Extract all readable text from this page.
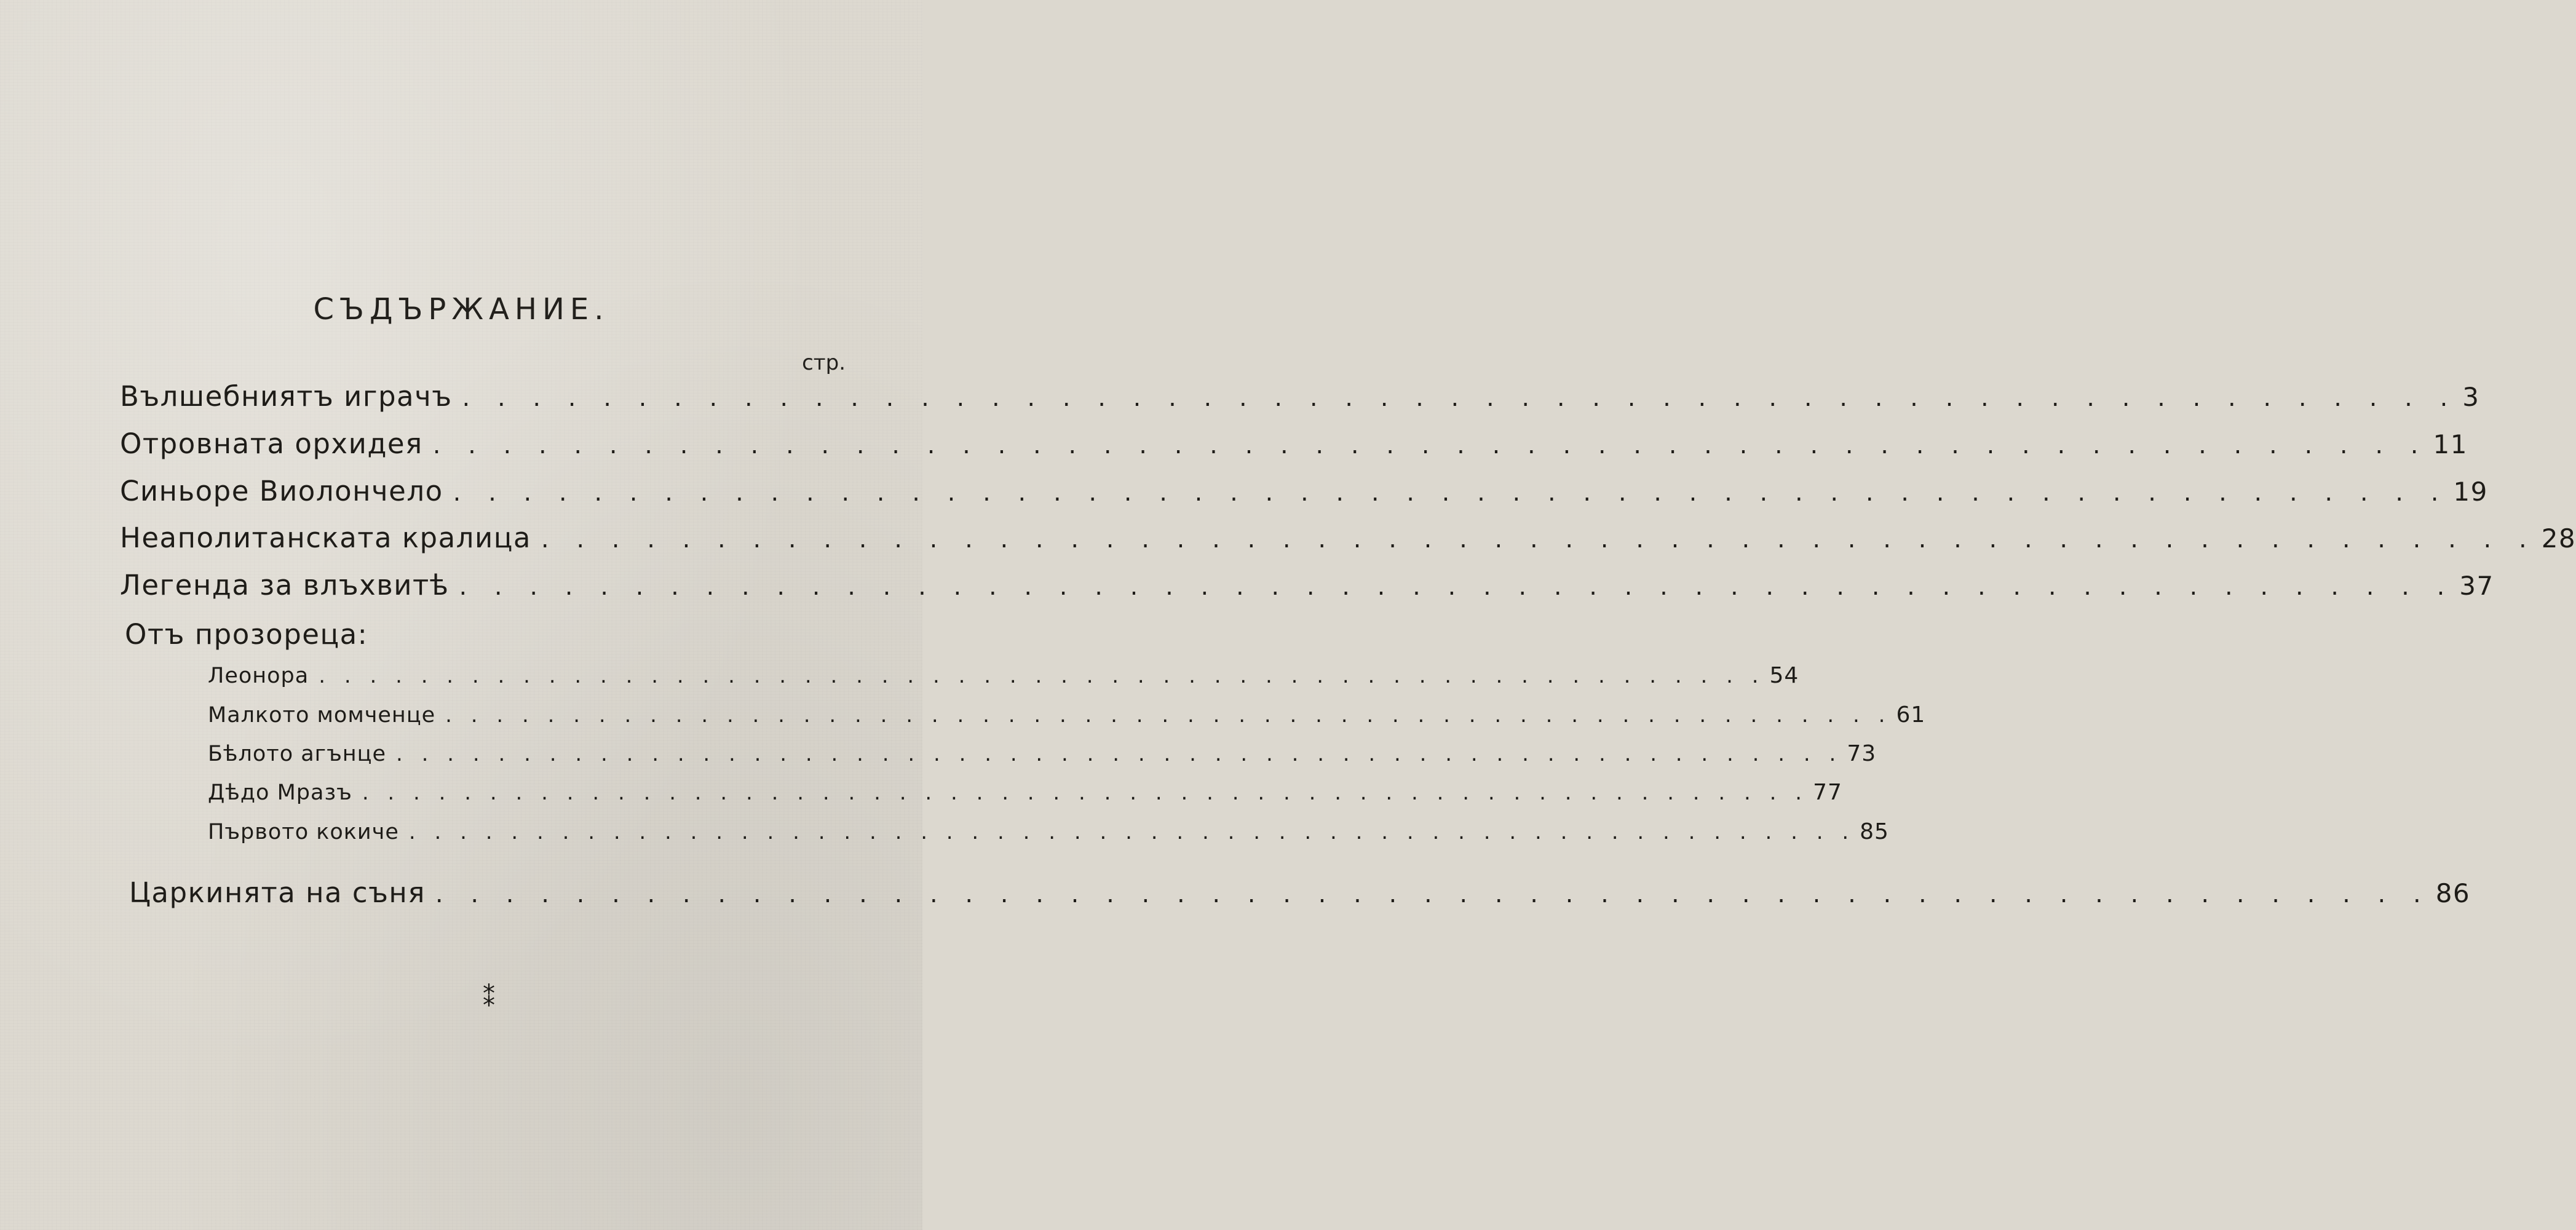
СЪДЪРЖАНИЕ.
стр.
Вълшебниятъ играчъ . . . . . . . . . . . . . . . . . . . . . . . . . . . . . . . . . . . . . . . . . . . . . . . . . . . . . . . . . 3
Отровната орхидея . . . . . . . . . . . . . . . . . . . . . . . . . . . . . . . . . . . . . . . . . . . . . . . . . . . . . . . . . 11
Синьоре Виолончело . . . . . . . . . . . . . . . . . . . . . . . . . . . . . . . . . . . . . . . . . . . . . . . . . . . . . . . . . 19
Неаполитанската кралица . . . . . . . . . . . . . . . . . . . . . . . . . . . . . . . . . . . . . . . . . . . . . . . . . . . . . . . . . 28
Легенда за влъхвитѣ . . . . . . . . . . . . . . . . . . . . . . . . . . . . . . . . . . . . . . . . . . . . . . . . . . . . . . . . . 37
Отъ прозореца:
Леонора . . . . . . . . . . . . . . . . . . . . . . . . . . . . . . . . . . . . . . . . . . . . . . . . . . . . . . . . . 54
Малкото момченце . . . . . . . . . . . . . . . . . . . . . . . . . . . . . . . . . . . . . . . . . . . . . . . . . . . . . . . . . 61
Бѣлото агънце . . . . . . . . . . . . . . . . . . . . . . . . . . . . . . . . . . . . . . . . . . . . . . . . . . . . . . . . . 73
Дѣдо Мразъ . . . . . . . . . . . . . . . . . . . . . . . . . . . . . . . . . . . . . . . . . . . . . . . . . . . . . . . . . 77
Първото кокиче . . . . . . . . . . . . . . . . . . . . . . . . . . . . . . . . . . . . . . . . . . . . . . . . . . . . . . . . . 85
Царкинята на съня . . . . . . . . . . . . . . . . . . . . . . . . . . . . . . . . . . . . . . . . . . . . . . . . . . . . . . . . . 86
⁑
